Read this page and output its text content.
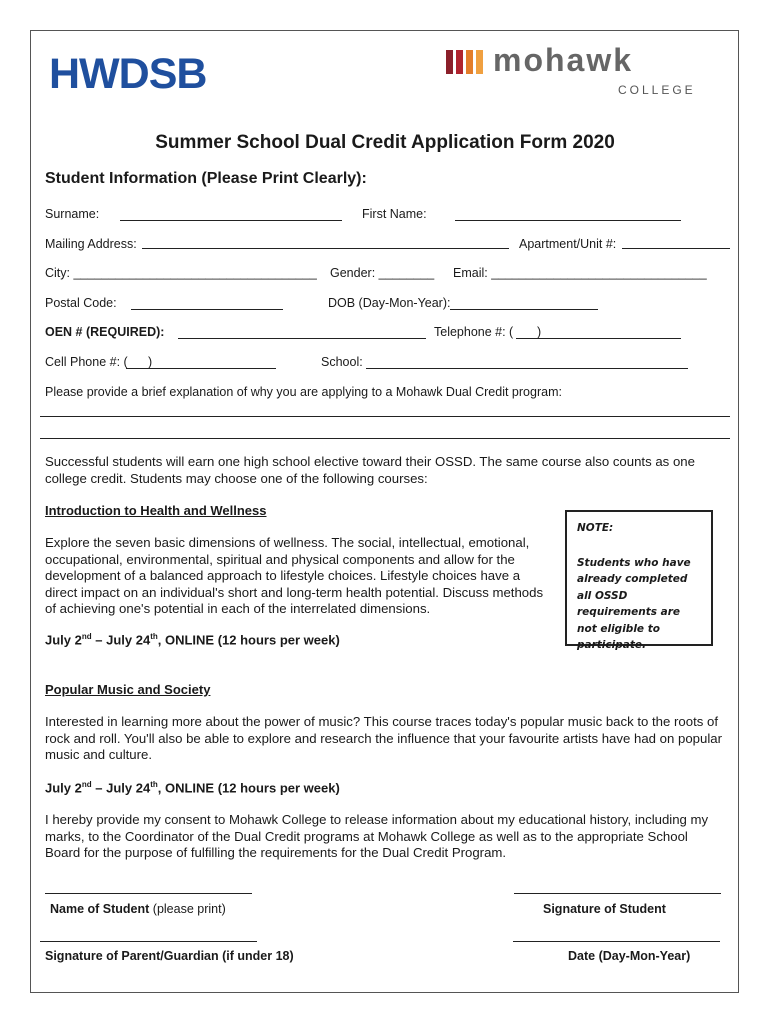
HWDSB	mohawk
COLLEGE
Summer School Dual Credit Application Form 2020
Student Information (Please Print Clearly):
Surname:	First Name:
Mailing Address:	Apartment/Unit #:
City: ___________________________________ Gender: ________ Email: _______________________________
Postal Code:	DOB (Day-Mon-Year):
OEN # (REQUIRED):	Telephone #: ( )
Cell Phone #: ( )	School:
Please provide a brief explanation of why you are applying to a Mohawk Dual Credit program:
Successful students will earn one high school elective toward their OSSD. The same course also counts as one college credit. Students may choose one of the following courses:
Introduction to Health and Wellness
Explore the seven basic dimensions of wellness. The social, intellectual, emotional, occupational, environmental, spiritual and physical components and allow for the development of a balanced approach to lifestyle choices. Lifestyle choices have a direct impact on an individual's short and long-term health potential. Discuss methods of achieving one's potential in each of the interrelated dimensions.
July 2nd – July 24th, ONLINE (12 hours per week)
NOTE:
Students who have already completed all OSSD requirements are not eligible to participate.
Popular Music and Society
Interested in learning more about the power of music? This course traces today's popular music back to the roots of rock and roll. You'll also be able to explore and research the influence that your favourite artists have had on popular music and culture.
July 2nd – July 24th, ONLINE (12 hours per week)
I hereby provide my consent to Mohawk College to release information about my educational history, including my marks, to the Coordinator of the Dual Credit programs at Mohawk College as well as to the appropriate School Board for the purpose of fulfilling the requirements for the Dual Credit Program.
Name of Student (please print)	Signature of Student
Signature of Parent/Guardian (if under 18)	Date (Day-Mon-Year)
